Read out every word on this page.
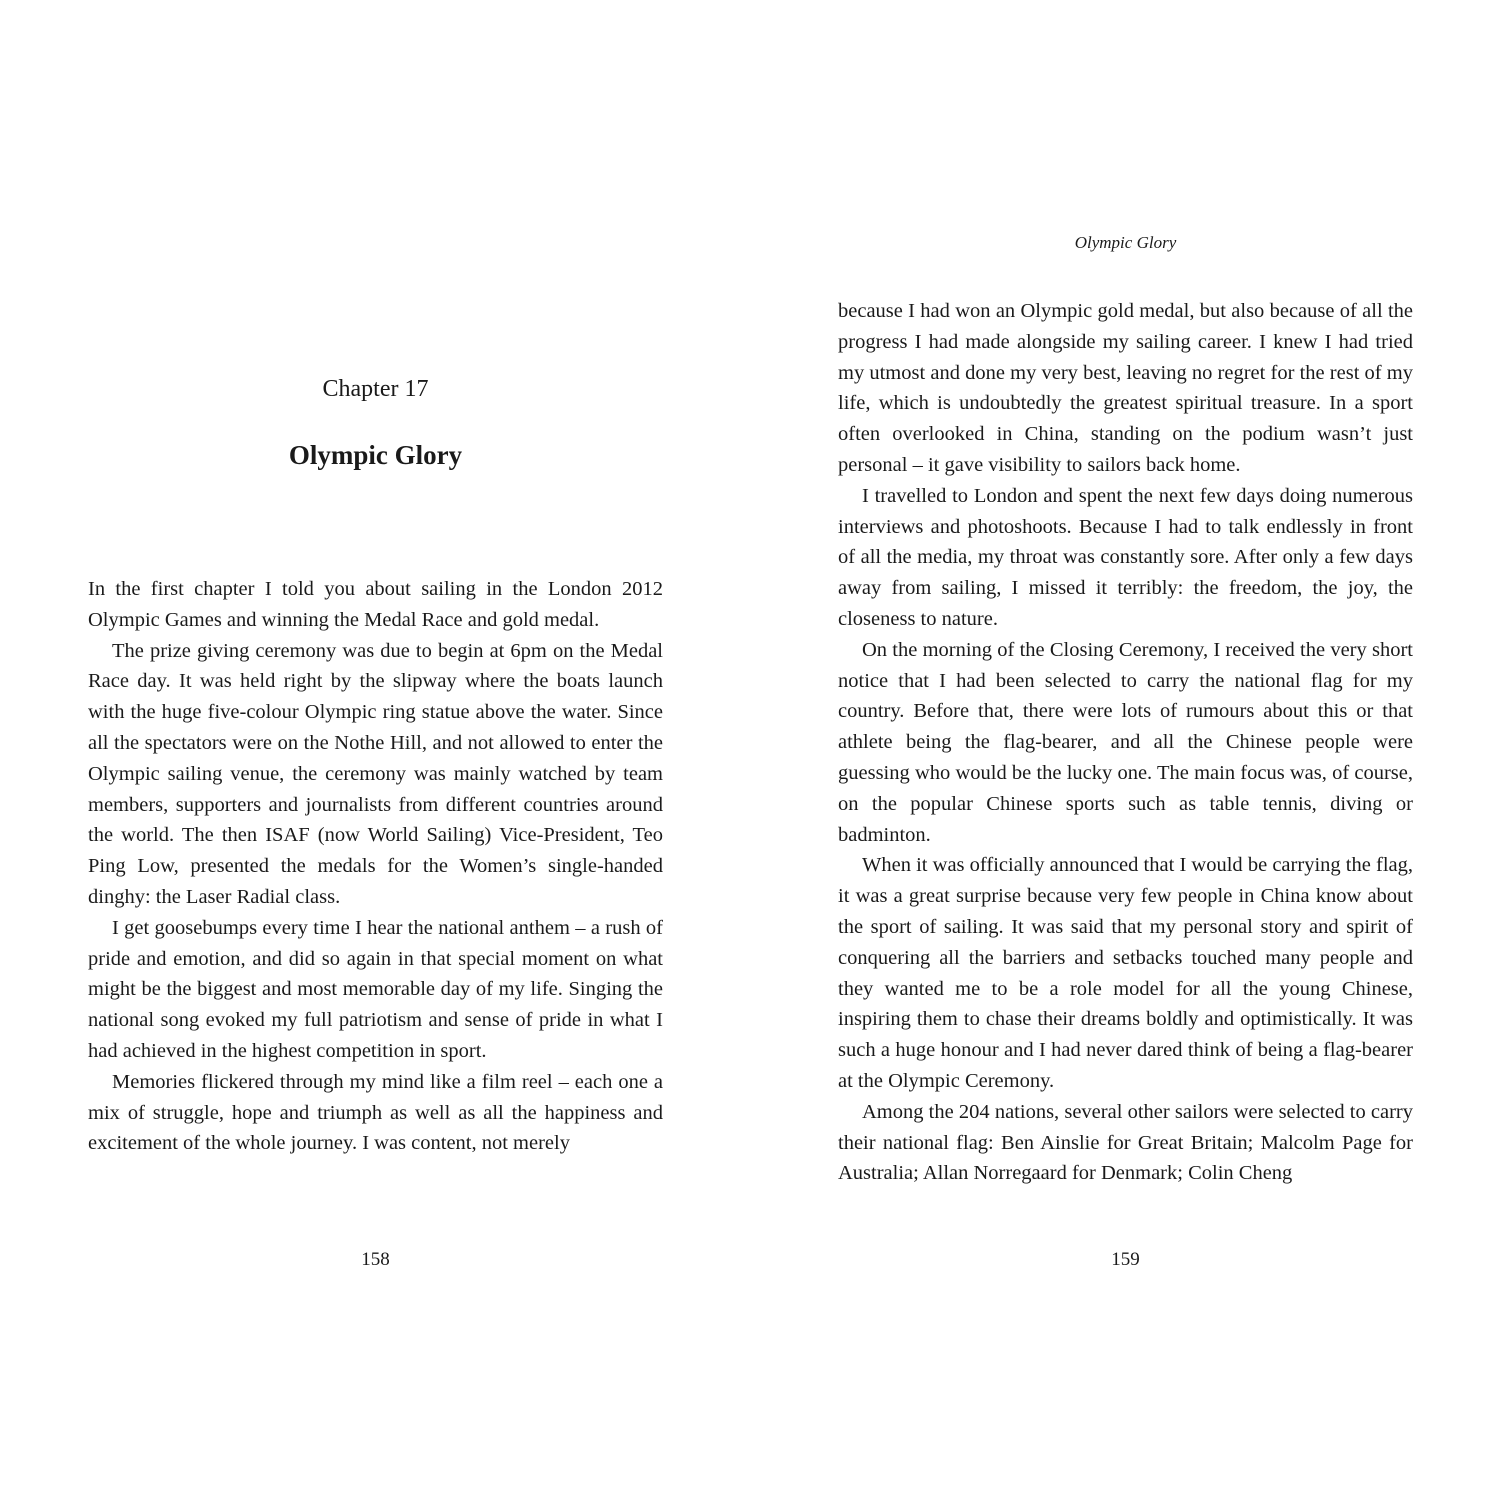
Chapter 17
Olympic Glory

In the first chapter I told you about sailing in the London 2012 Olympic Games and winning the Medal Race and gold medal.

The prize giving ceremony was due to begin at 6pm on the Medal Race day. It was held right by the slipway where the boats launch with the huge five-colour Olympic ring statue above the water. Since all the spectators were on the Nothe Hill, and not allowed to enter the Olympic sailing venue, the ceremony was mainly watched by team members, supporters and journalists from different countries around the world. The then ISAF (now World Sailing) Vice-President, Teo Ping Low, presented the medals for the Women’s single-handed dinghy: the Laser Radial class.

I get goosebumps every time I hear the national anthem – a rush of pride and emotion, and did so again in that special moment on what might be the biggest and most memorable day of my life. Singing the national song evoked my full patriotism and sense of pride in what I had achieved in the highest competition in sport.

Memories flickered through my mind like a film reel – each one a mix of struggle, hope and triumph as well as all the happiness and excitement of the whole journey. I was content, not merely

158
Olympic Glory

because I had won an Olympic gold medal, but also because of all the progress I had made alongside my sailing career. I knew I had tried my utmost and done my very best, leaving no regret for the rest of my life, which is undoubtedly the greatest spiritual treasure. In a sport often overlooked in China, standing on the podium wasn’t just personal – it gave visibility to sailors back home.

I travelled to London and spent the next few days doing numerous interviews and photoshoots. Because I had to talk endlessly in front of all the media, my throat was constantly sore. After only a few days away from sailing, I missed it terribly: the freedom, the joy, the closeness to nature.

On the morning of the Closing Ceremony, I received the very short notice that I had been selected to carry the national flag for my country. Before that, there were lots of rumours about this or that athlete being the flag-bearer, and all the Chinese people were guessing who would be the lucky one. The main focus was, of course, on the popular Chinese sports such as table tennis, diving or badminton.

When it was officially announced that I would be carrying the flag, it was a great surprise because very few people in China know about the sport of sailing. It was said that my personal story and spirit of conquering all the barriers and setbacks touched many people and they wanted me to be a role model for all the young Chinese, inspiring them to chase their dreams boldly and optimistically. It was such a huge honour and I had never dared think of being a flag-bearer at the Olympic Ceremony.

Among the 204 nations, several other sailors were selected to carry their national flag: Ben Ainslie for Great Britain; Malcolm Page for Australia; Allan Norregaard for Denmark; Colin Cheng

159
